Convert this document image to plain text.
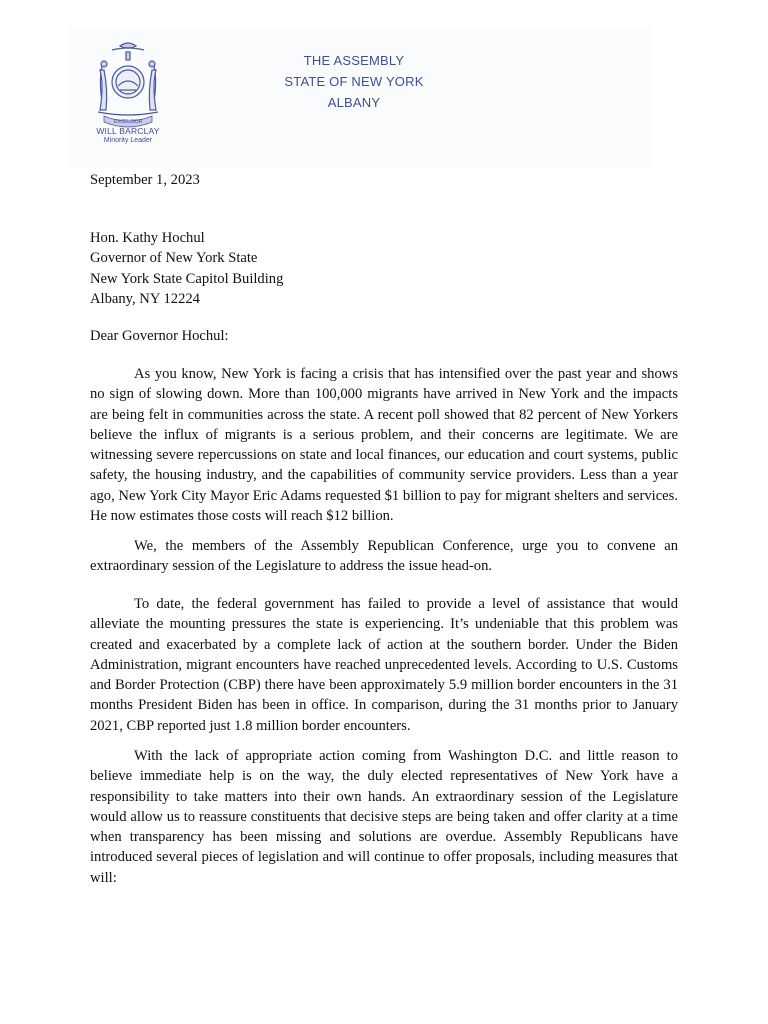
EXCELSIOR
WILL BARCLAY
Minority Leader
THE ASSEMBLY
STATE OF NEW YORK
ALBANY
September 1, 2023
Hon. Kathy Hochul
Governor of New York State
New York State Capitol Building
Albany, NY 12224
Dear Governor Hochul:
As you know, New York is facing a crisis that has intensified over the past year and shows no sign of slowing down. More than 100,000 migrants have arrived in New York and the impacts are being felt in communities across the state. A recent poll showed that 82 percent of New Yorkers believe the influx of migrants is a serious problem, and their concerns are legitimate. We are witnessing severe repercussions on state and local finances, our education and court systems, public safety, the housing industry, and the capabilities of community service providers. Less than a year ago, New York City Mayor Eric Adams requested $1 billion to pay for migrant shelters and services. He now estimates those costs will reach $12 billion.
We, the members of the Assembly Republican Conference, urge you to convene an extraordinary session of the Legislature to address the issue head-on.
To date, the federal government has failed to provide a level of assistance that would alleviate the mounting pressures the state is experiencing. It’s undeniable that this problem was created and exacerbated by a complete lack of action at the southern border. Under the Biden Administration, migrant encounters have reached unprecedented levels. According to U.S. Customs and Border Protection (CBP) there have been approximately 5.9 million border encounters in the 31 months President Biden has been in office. In comparison, during the 31 months prior to January 2021, CBP reported just 1.8 million border encounters.
With the lack of appropriate action coming from Washington D.C. and little reason to believe immediate help is on the way, the duly elected representatives of New York have a responsibility to take matters into their own hands. An extraordinary session of the Legislature would allow us to reassure constituents that decisive steps are being taken and offer clarity at a time when transparency has been missing and solutions are overdue. Assembly Republicans have introduced several pieces of legislation and will continue to offer proposals, including measures that will:
